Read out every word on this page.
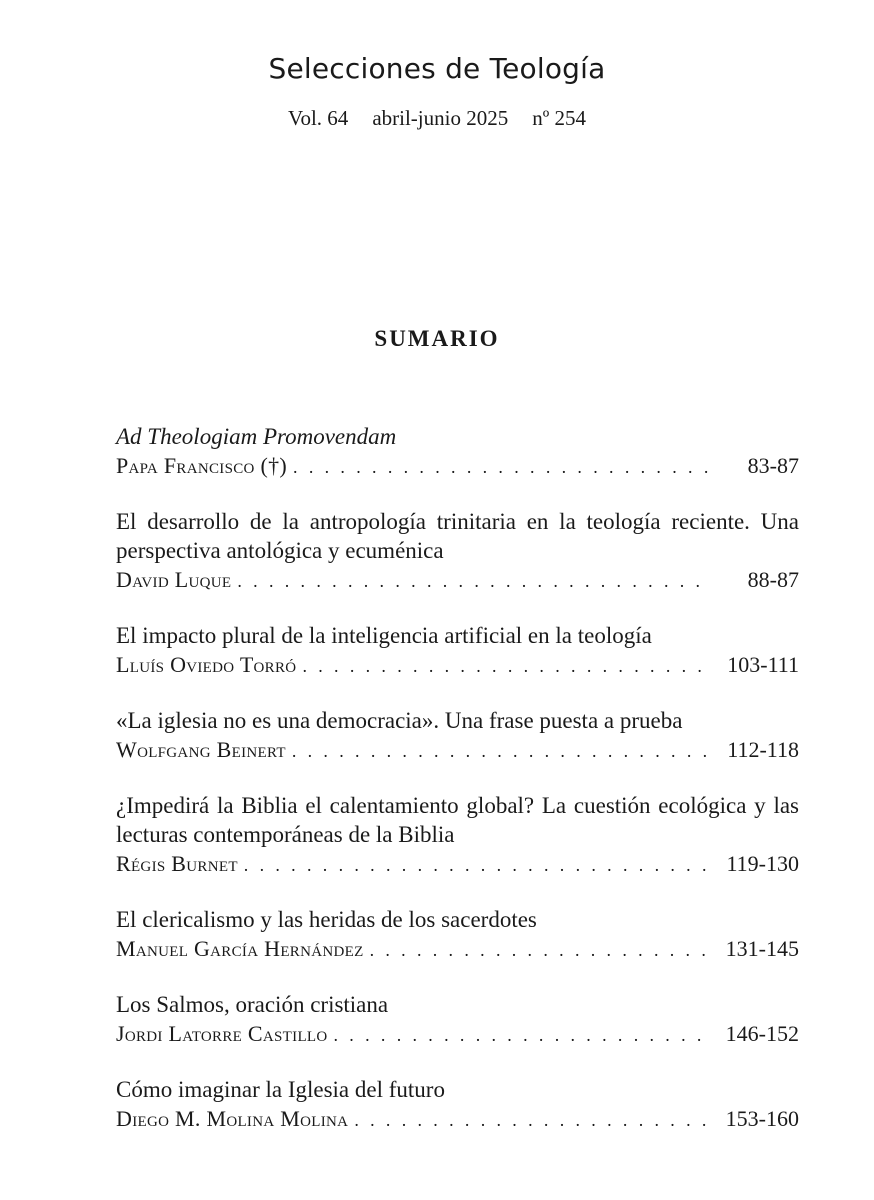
Selecciones de Teología
Vol. 64 abril-junio 2025 nº 254
SUMARIO
Ad Theologiam Promovendam
Papa Francisco (†) . . .	83-87
El desarrollo de la antropología trinitaria en la teología reciente. Una perspectiva antológica y ecuménica
David Luque . . .	88-87
El impacto plural de la inteligencia artificial en la teología
Lluís Oviedo Torró . . .	103-111
«La iglesia no es una democracia». Una frase puesta a prueba
Wolfgang Beinert . . .	112-118
¿Impedirá la Biblia el calentamiento global? La cuestión ecológica y las lecturas contemporáneas de la Biblia
Régis Burnet . . .	119-130
El clericalismo y las heridas de los sacerdotes
Manuel García Hernández . . .	131-145
Los Salmos, oración cristiana
Jordi Latorre Castillo . . .	146-152
Cómo imaginar la Iglesia del futuro
Diego M. Molina Molina . . .	153-160
